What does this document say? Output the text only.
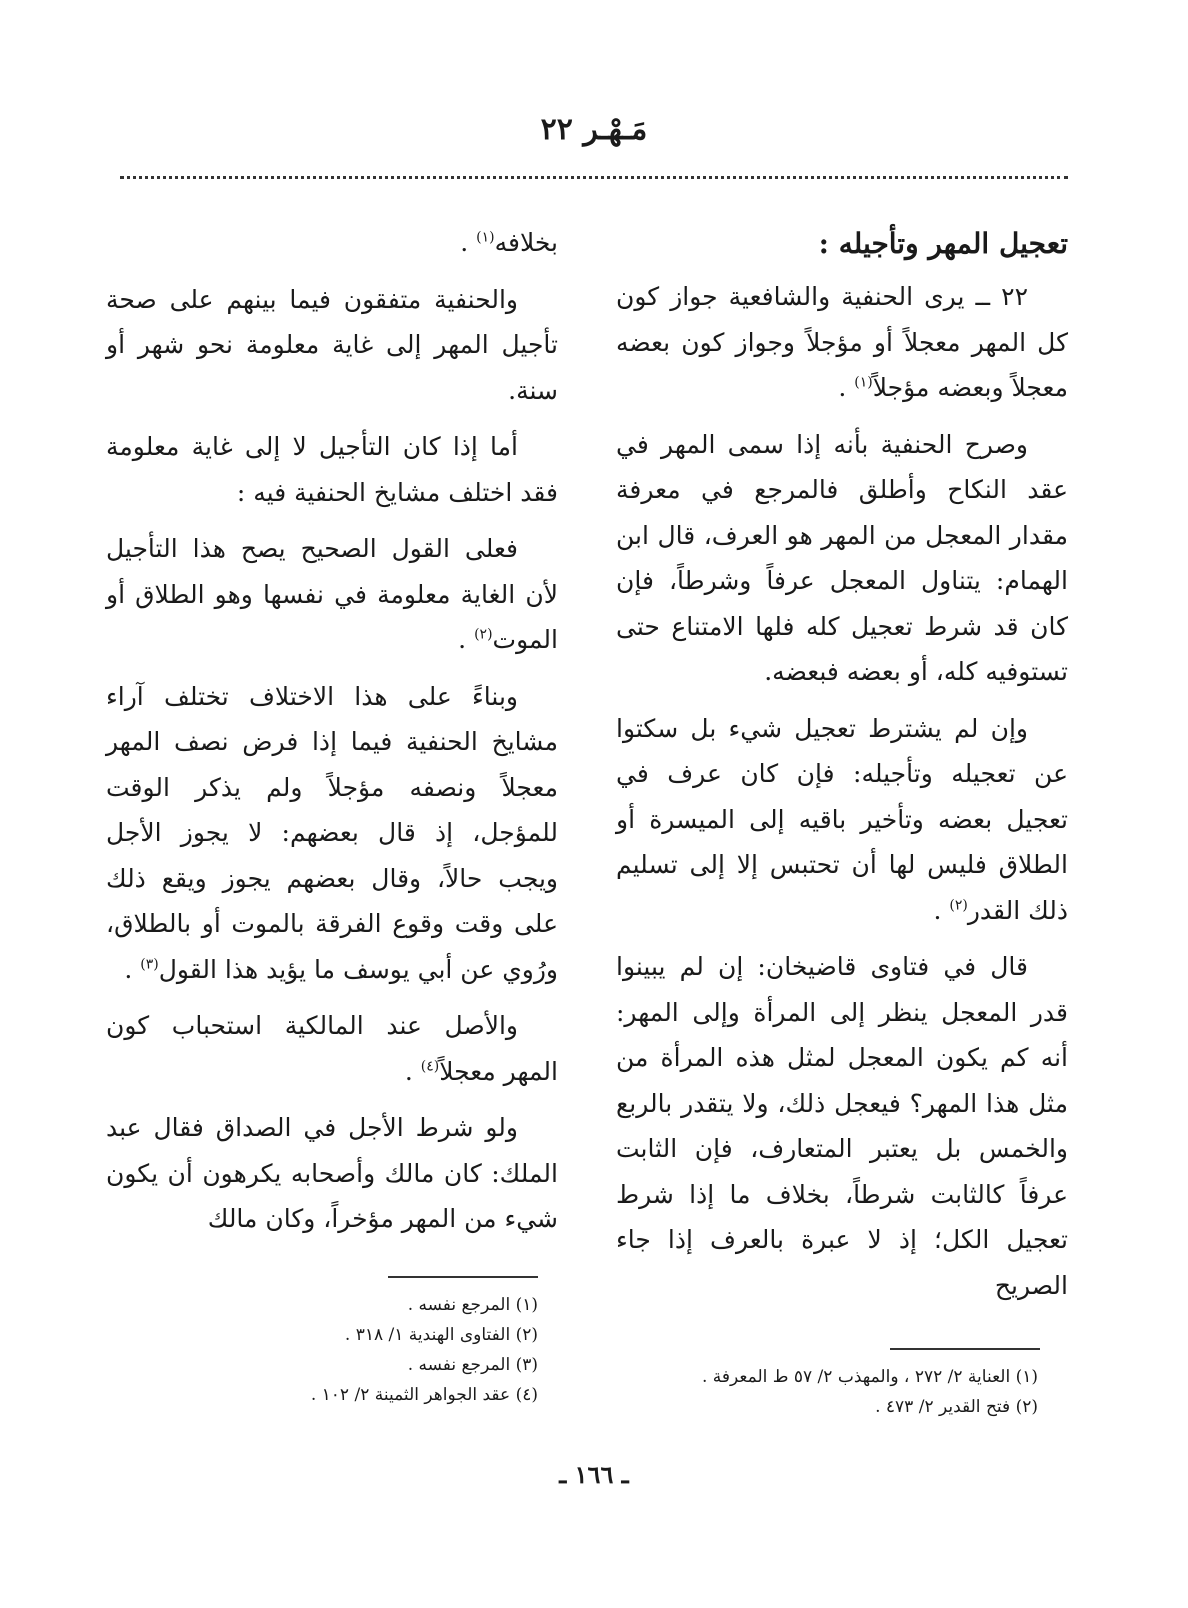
مَـهْـر ٢٢
تعجيل المهر وتأجيله :

٢٢ ــ يرى الحنفية والشافعية جواز كون كل المهر معجلاً أو مؤجلاً وجواز كون بعضه معجلاً وبعضه مؤجلاً$^{(١)}$ .

وصرح الحنفية بأنه إذا سمى المهر في عقد النكاح وأطلق فالمرجع في معرفة مقدار المعجل من المهر هو العرف، قال ابن الهمام: يتناول المعجل عرفاً وشرطاً، فإن كان قد شرط تعجيل كله فلها الامتناع حتى تستوفيه كله، أو بعضه فبعضه.

وإن لم يشترط تعجيل شيء بل سكتوا عن تعجيله وتأجيله: فإن كان عرف في تعجيل بعضه وتأخير باقيه إلى الميسرة أو الطلاق فليس لها أن تحتبس إلا إلى تسليم ذلك القدر$^{(٢)}$ .

قال في فتاوى قاضيخان: إن لم يبينوا قدر المعجل ينظر إلى المرأة وإلى المهر: أنه كم يكون المعجل لمثل هذه المرأة من مثل هذا المهر؟ فيعجل ذلك، ولا يتقدر بالربع والخمس بل يعتبر المتعارف، فإن الثابت عرفاً كالثابت شرطاً، بخلاف ما إذا شرط تعجيل الكل؛ إذ لا عبرة بالعرف إذا جاء الصريح

بخلافه$^{(١)}$ .

والحنفية متفقون فيما بينهم على صحة تأجيل المهر إلى غاية معلومة نحو شهر أو سنة.

أما إذا كان التأجيل لا إلى غاية معلومة فقد اختلف مشايخ الحنفية فيه :

فعلى القول الصحيح يصح هذا التأجيل لأن الغاية معلومة في نفسها وهو الطلاق أو الموت$^{(٢)}$ .

وبناءً على هذا الاختلاف تختلف آراء مشايخ الحنفية فيما إذا فرض نصف المهر معجلاً ونصفه مؤجلاً ولم يذكر الوقت للمؤجل، إذ قال بعضهم: لا يجوز الأجل ويجب حالاً، وقال بعضهم يجوز ويقع ذلك على وقت وقوع الفرقة بالموت أو بالطلاق، ورُوي عن أبي يوسف ما يؤيد هذا القول$^{(٣)}$ .

والأصل عند المالكية استحباب كون المهر معجلاً$^{(٤)}$ .

ولو شرط الأجل في الصداق فقال عبد الملك: كان مالك وأصحابه يكرهون أن يكون شيء من المهر مؤخراً، وكان مالك

(١) المرجع نفسه .
(٢) الفتاوى الهندية ١/ ٣١٨ .
(٣) المرجع نفسه .
(٤) عقد الجواهر الثمينة ٢/ ١٠٢ .
(١) العناية ٢/ ٢٧٢ ، والمهذب ٢/ ٥٧ ط المعرفة .
(٢) فتح القدير ٢/ ٤٧٣ .
ـ ١٦٦ ـ
